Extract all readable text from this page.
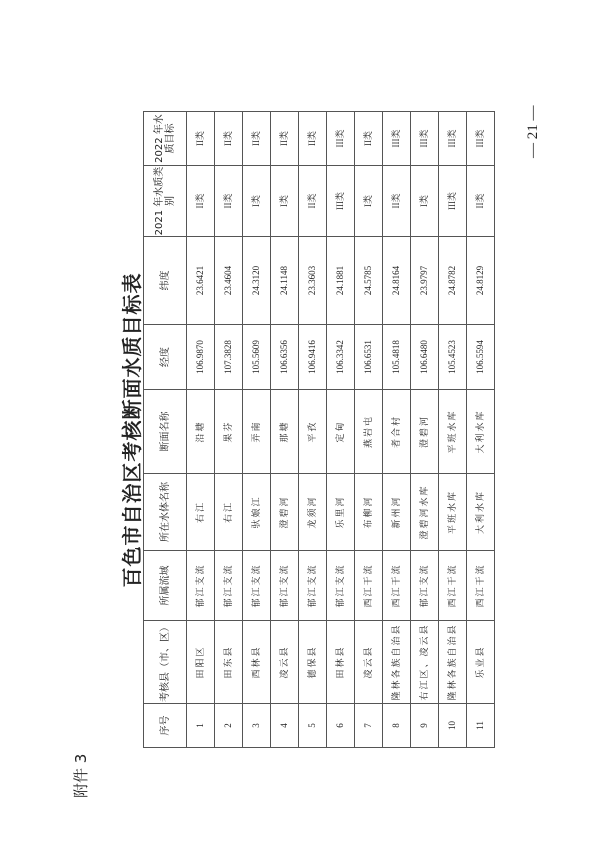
附件 3
百色市自治区考核断面水质目标表
序号	考核县（市、区）	所属流域	所在水体名称	断面名称	经度	纬度	2021 年水质类别	2022 年水质目标
1	田阳区	郁江支流	右江	沿塘	106.9870	23.6421	II类	II类
2	田东县	郁江支流	右江	果芬	107.3828	23.4604	II类	II类
3	西林县	郁江支流	驮娘江	弄南	105.5609	24.3120	I类	II类
4	凌云县	郁江支流	澄碧河	那塘	106.6356	24.1148	I类	II类
5	德保县	郁江支流	龙须河	平孜	106.9416	23.3603	II类	II类
6	田林县	郁江支流	乐里河	定甸	106.3342	24.1881	III类	III类
7	凌云县	西江干流	布柳河	燕岩屯	106.6531	24.5785	I类	II类
8	隆林各族自治县	西江干流	新州河	者合村	105.4818	24.8164	II类	III类
9	右江区、凌云县	郁江支流	澄碧河水库	澄碧河	106.6480	23.9797	I类	III类
10	隆林各族自治县	西江干流	平班水库	平班水库	105.4523	24.8782	III类	III类
11	乐业县	西江干流	大利水库	大利水库	106.5594	24.8129	II类	III类	— 21 —
